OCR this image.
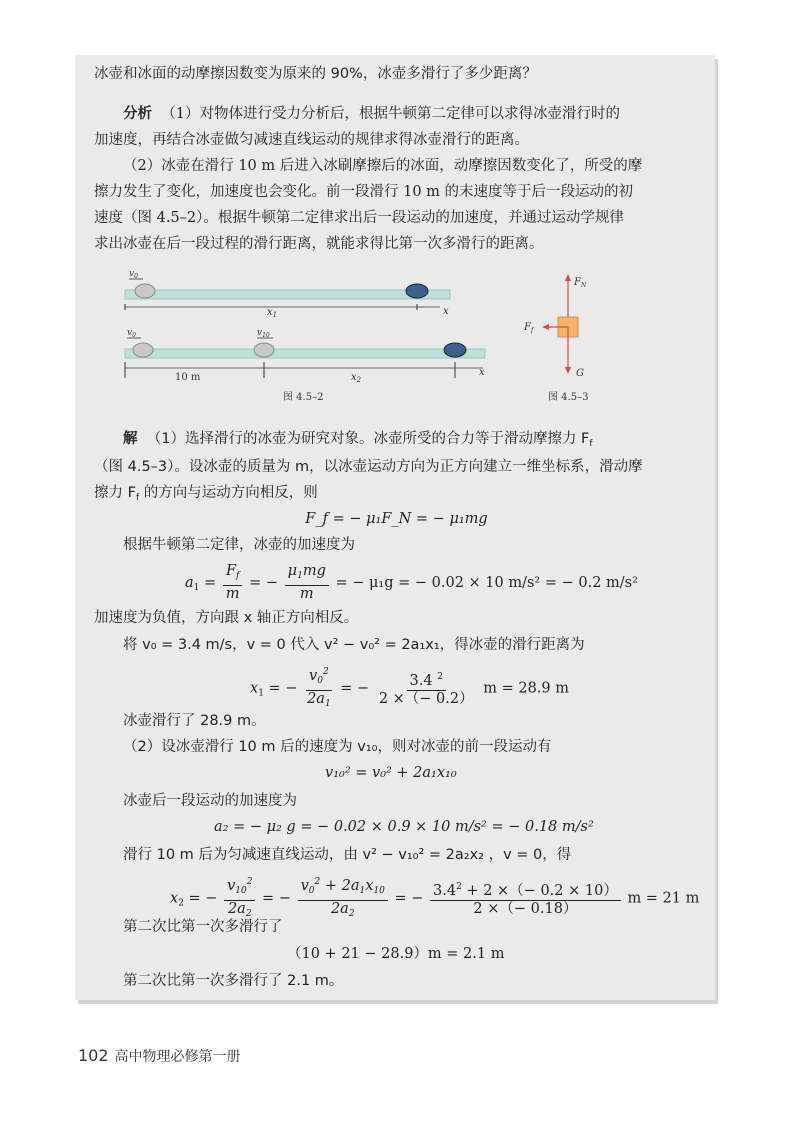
冰壶和冰面的动摩擦因数变为原来的 90%，冰壶多滑行了多少距离？
分析 （1）对物体进行受力分析后，根据牛顿第二定律可以求得冰壶滑行时的
加速度，再结合冰壶做匀减速直线运动的规律求得冰壶滑行的距离。
（2）冰壶在滑行 10 m 后进入冰刷摩擦后的冰面，动摩擦因数变化了，所受的摩
擦力发生了变化，加速度也会变化。前一段滑行 10 m 的末速度等于后一段运动的初
速度（图 4.5–2）。根据牛顿第二定律求出后一段运动的加速度，并通过运动学规律
求出冰壶在后一段过程的滑行距离，就能求得比第一次多滑行的距离。
$v_0$
$x_1$	x
$v_0$	$v_{10}$
10 m	$x_2$
x
图 4.5–2
$F_N$
$F_f$
G
图 4.5–3
解 （1）选择滑行的冰壶为研究对象。冰壶所受的合力等于滑动摩擦力 $F_f$
（图 4.5–3）。设冰壶的质量为 m，以冰壶运动方向为正方向建立一维坐标系，滑动摩
擦力 $F_f$ 的方向与运动方向相反，则
F_f = − μ₁F_N = − μ₁mg
根据牛顿第二定律，冰壶的加速度为
$a_1 = \frac{F_f}{m}$ = − $\frac{\mu_1mg}{m}$ = − μ₁g = − 0.02 × 10 m/s² = − 0.2 m/s²
加速度为负值，方向跟 x 轴正方向相反。
将 v₀ = 3.4 m/s，v = 0 代入 v² − v₀² = 2a₁x₁，得冰壶的滑行距离为
$x_1$ = − $\frac{v_0^2}{2a_1}$ = − $\frac{3.4 ^2}{2 \times(- 0.2)}$ m = 28.9 m
冰壶滑行了 28.9 m。
（2）设冰壶滑行 10 m 后的速度为 v₁₀，则对冰壶的前一段运动有
v₁₀² = v₀² + 2a₁x₁₀
冰壶后一段运动的加速度为
a₂ = − μ₂ g = − 0.02 × 0.9 × 10 m/s² = − 0.18 m/s²
滑行 10 m 后为匀减速直线运动，由 v² − v₁₀² = 2a₂x₂ ，v = 0，得
$x_2$ = − $\frac{v_{10}^2}{2a_2}$ = − $\frac{v_0^2 + 2a_1x_{10}}{2a_2}$ = − $\frac{3.4^2 + 2 \times(- 0.2 \times 10)}{2 \times(- 0.18)}$ m = 21 m
第二次比第一次多滑行了
（10 + 21 − 28.9）m = 2.1 m
第二次比第一次多滑行了 2.1 m。
102 高中物理必修第一册
